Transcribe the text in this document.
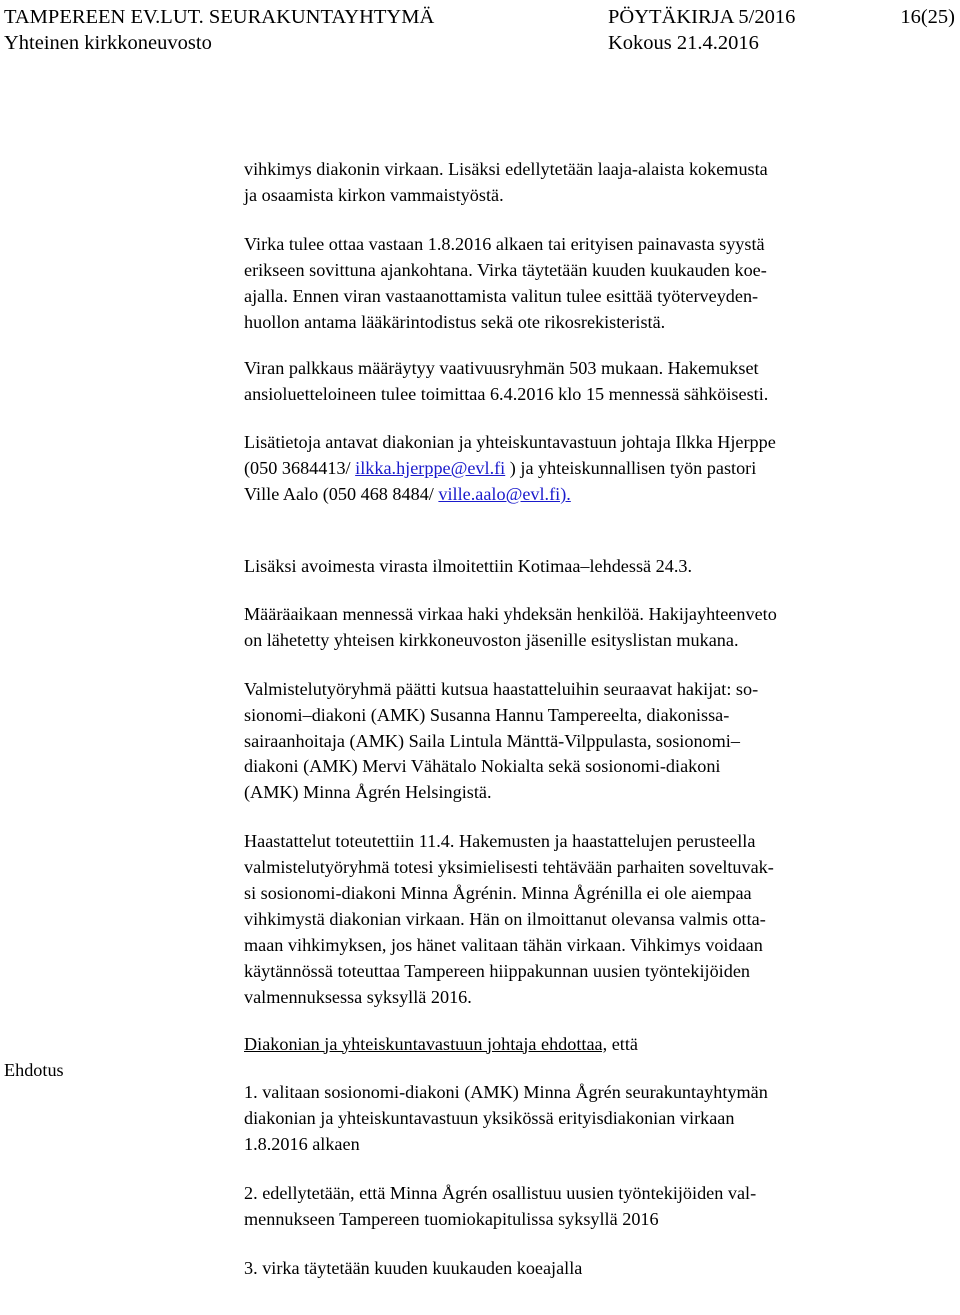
TAMPEREEN EV.LUT. SEURAKUNTAYHTYMÄ
Yhteinen kirkkoneuvosto
PÖYTÄKIRJA 5/2016
Kokous 21.4.2016
16(25)
Ehdotus

vihkimys diakonin virkaan. Lisäksi edellytetään laaja-alaista kokemusta
ja osaamista kirkon vammaistyöstä.

Virka tulee ottaa vastaan 1.8.2016 alkaen tai erityisen painavasta syystä
erikseen sovittuna ajankohtana. Virka täytetään kuuden kuukauden koe-
ajalla. Ennen viran vastaanottamista valitun tulee esittää työterveyden-
huollon antama lääkärintodistus sekä ote rikosrekisteristä.

Viran palkkaus määräytyy vaativuusryhmän 503 mukaan. Hakemukset
ansioluetteloineen tulee toimittaa 6.4.2016 klo 15 mennessä sähköisesti.

Lisätietoja antavat diakonian ja yhteiskuntavastuun johtaja Ilkka Hjerppe
(050 3684413/ ilkka.hjerppe@evl.fi ) ja yhteiskunnallisen työn pastori
Ville Aalo (050 468 8484/ ville.aalo@evl.fi).

Lisäksi avoimesta virasta ilmoitettiin Kotimaa–lehdessä 24.3.

Määräaikaan mennessä virkaa haki yhdeksän henkilöä. Hakijayhteenveto
on lähetetty yhteisen kirkkoneuvoston jäsenille esityslistan mukana.

Valmistelutyöryhmä päätti kutsua haastatteluihin seuraavat hakijat: so-
sionomi–diakoni (AMK) Susanna Hannu Tampereelta, diakonissa-
sairaanhoitaja (AMK) Saila Lintula Mänttä-Vilppulasta, sosionomi–
diakoni (AMK) Mervi Vähätalo Nokialta sekä sosionomi-diakoni
(AMK) Minna Ågrén Helsingistä.

Haastattelut toteutettiin 11.4. Hakemusten ja haastattelujen perusteella
valmistelutyöryhmä totesi yksimielisesti tehtävään parhaiten soveltuvak-
si sosionomi-diakoni Minna Ågrénin. Minna Ågrénilla ei ole aiempaa
vihkimystä diakonian virkaan. Hän on ilmoittanut olevansa valmis otta-
maan vihkimyksen, jos hänet valitaan tähän virkaan. Vihkimys voidaan
käytännössä toteuttaa Tampereen hiippakunnan uusien työntekijöiden
valmennuksessa syksyllä 2016.

Diakonian ja yhteiskuntavastuun johtaja ehdottaa, että

1. valitaan sosionomi-diakoni (AMK) Minna Ågrén seurakuntayhtymän
diakonian ja yhteiskuntavastuun yksikössä erityisdiakonian virkaan
1.8.2016 alkaen

2. edellytetään, että Minna Ågrén osallistuu uusien työntekijöiden val-
mennukseen Tampereen tuomiokapitulissa syksyllä 2016

3. virka täytetään kuuden kuukauden koeajalla
